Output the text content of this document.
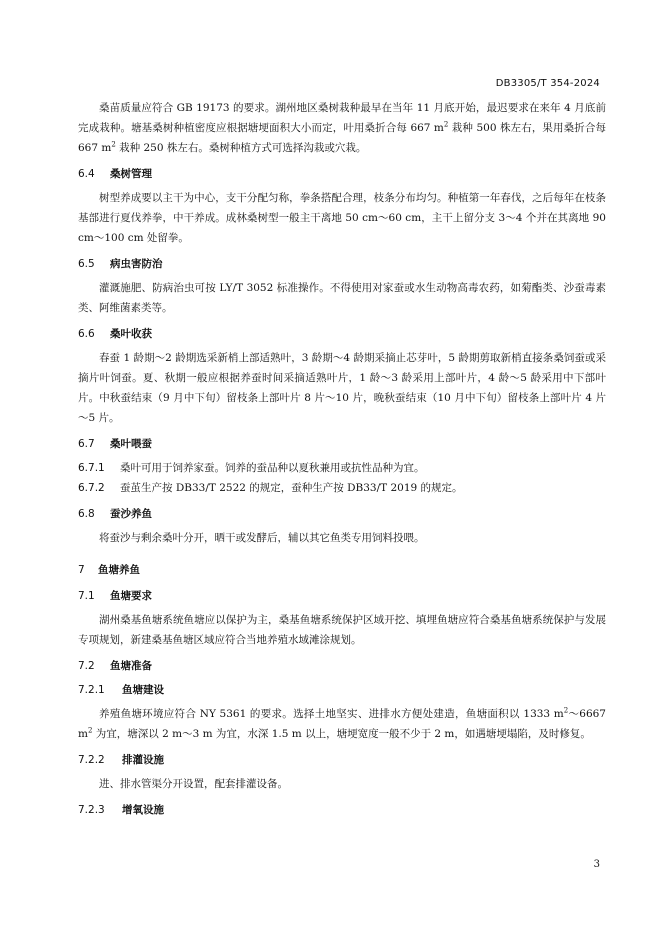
DB3305/T 354-2024

桑苗质量应符合 GB 19173 的要求。湖州地区桑树栽种最早在当年 11 月底开始，最迟要求在来年 4 月底前完成栽种。塘基桑树种植密度应根据塘埂面积大小而定，叶用桑折合每 667 $m^2$ 栽种 500 株左右，果用桑折合每 667 $m^2$ 栽种 250 株左右。桑树种植方式可选择沟栽或穴栽。

6.4 桑树管理

树型养成要以主干为中心，支干分配匀称，拳条搭配合理，枝条分布均匀。种植第一年春伐，之后每年在枝条基部进行夏伐养拳，中干养成。成林桑树型一般主干离地 50 cm～60 cm，主干上留分支 3～4 个并在其离地 90 cm～100 cm 处留拳。

6.5 病虫害防治

灌溉施肥、防病治虫可按 LY/T 3052 标准操作。不得使用对家蚕或水生动物高毒农药，如菊酯类、沙蚕毒素类、阿维菌素类等。

6.6 桑叶收获

春蚕 1 龄期～2 龄期选采新梢上部适熟叶，3 龄期～4 龄期采摘止芯芽叶，5 龄期剪取新梢直接条桑饲蚕或采摘片叶饲蚕。夏、秋期一般应根据养蚕时间采摘适熟叶片，1 龄～3 龄采用上部叶片，4 龄～5 龄采用中下部叶片。中秋蚕结束（9 月中下旬）留枝条上部叶片 8 片～10 片，晚秋蚕结束（10 月中下旬）留枝条上部叶片 4 片～5 片。

6.7 桑叶喂蚕

6.7.1 桑叶可用于饲养家蚕。饲养的蚕品种以夏秋兼用或抗性品种为宜。

6.7.2 蚕茧生产按 DB33/T 2522 的规定，蚕种生产按 DB33/T 2019 的规定。

6.8 蚕沙养鱼

将蚕沙与剩余桑叶分开，晒干或发酵后，辅以其它鱼类专用饲料投喂。

7 鱼塘养鱼
7.1 鱼塘要求

湖州桑基鱼塘系统鱼塘应以保护为主，桑基鱼塘系统保护区域开挖、填埋鱼塘应符合桑基鱼塘系统保护与发展专项规划，新建桑基鱼塘区域应符合当地养殖水域滩涂规划。

7.2 鱼塘准备
7.2.1 鱼塘建设

养殖鱼塘环境应符合 NY 5361 的要求。选择土地坚实、进排水方便处建造，鱼塘面积以 1333 $m^2\sim 6667$ $m^2$ 为宜，塘深以 2 m～3 m 为宜，水深 1.5 m 以上，塘埂宽度一般不少于 2 m，如遇塘埂塌陷，及时修复。

7.2.2 排灌设施

进、排水管渠分开设置，配套排灌设备。

7.2.3 增氧设施
3
